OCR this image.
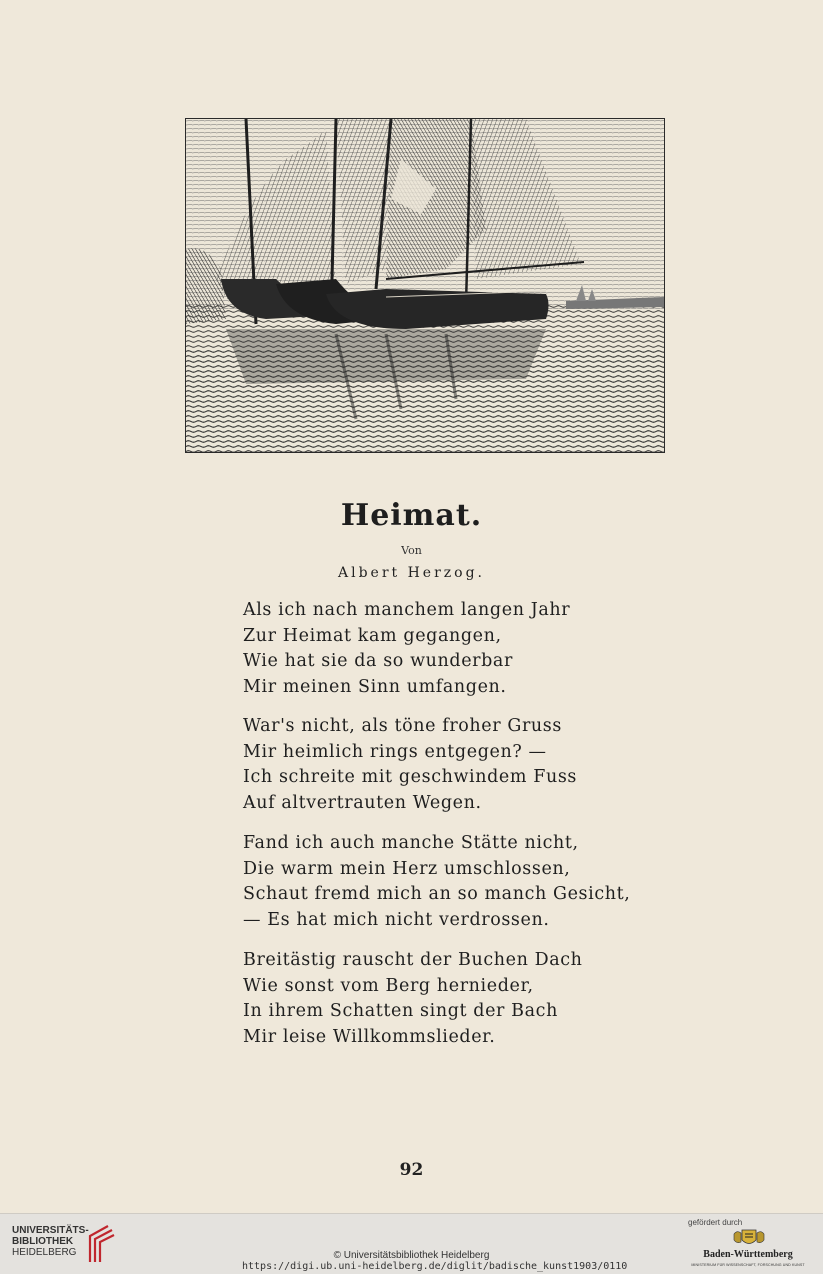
Heimat.
Von
Albert Herzog.
Als ich nach manchem langen Jahr
Zur Heimat kam gegangen,
Wie hat sie da so wunderbar
Mir meinen Sinn umfangen.
War's nicht, als töne froher Gruss
Mir heimlich rings entgegen? —
Ich schreite mit geschwindem Fuss
Auf altvertrauten Wegen.
Fand ich auch manche Stätte nicht,
Die warm mein Herz umschlossen,
Schaut fremd mich an so manch Gesicht,
— Es hat mich nicht verdrossen.
Breitästig rauscht der Buchen Dach
Wie sonst vom Berg hernieder,
In ihrem Schatten singt der Bach
Mir leise Willkommslieder.
92
UNIVERSITÄTS-
BIBLIOTHEK
HEIDELBERG	© Universitätsbibliothek Heidelberg
https://digi.ub.uni-heidelberg.de/diglit/badische_kunst1903/0110
gefördert durch
Baden-Württemberg
MINISTERIUM FÜR WISSENSCHAFT, FORSCHUNG UND KUNST
